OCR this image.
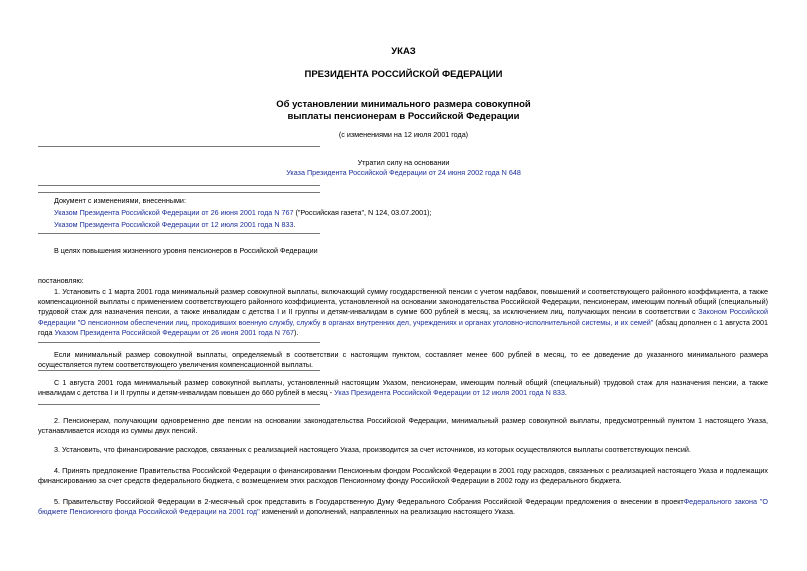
УКАЗ
ПРЕЗИДЕНТА РОССИЙСКОЙ ФЕДЕРАЦИИ
Об установлении минимального размера совокупной
выплаты пенсионерам в Российской Федерации
(с изменениями на 12 июля 2001 года)
Утратил силу на основании
Указа Президента Российской Федерации от 24 июня 2002 года N 648
Документ с изменениями, внесенными:
Указом Президента Российской Федерации от 26 июня 2001 года N 767 ("Российская газета", N 124, 03.07.2001);
Указом Президента Российской Федерации от 12 июля 2001 года N 833.
В целях повышения жизненного уровня пенсионеров в Российской Федерации
постановляю:
1. Установить с 1 марта 2001 года минимальный размер совокупной выплаты, включающий сумму государственной пенсии с учетом надбавок, повышений и соответствующего районного коэффициента, а также компенсационной выплаты с применением соответствующего районного коэффициента, установленной на основании законодательства Российской Федерации, пенсионерам, имеющим полный общий (специальный) трудовой стаж для назначения пенсии, а также инвалидам с детства I и II группы и детям-инвалидам в сумме 600 рублей в месяц, за исключением лиц, получающих пенсии в соответствии с Законом Российской Федерации "О пенсионном обеспечении лиц, проходивших военную службу, службу в органах внутренних дел, учреждениях и органах уголовно-исполнительной системы, и их семей" (абзац дополнен с 1 августа 2001 года Указом Президента Российской Федерации от 26 июня 2001 года N 767).
Если минимальный размер совокупной выплаты, определяемый в соответствии с настоящим пунктом, составляет менее 600 рублей в месяц, то ее доведение до указанного минимального размера осуществляется путем соответствующего увеличения компенсационной выплаты.
С 1 августа 2001 года минимальный размер совокупной выплаты, установленный настоящим Указом, пенсионерам, имеющим полный общий (специальный) трудовой стаж для назначения пенсии, а также инвалидам с детства I и II группы и детям-инвалидам повышен до 660 рублей в месяц - Указ Президента Российской Федерации от 12 июля 2001 года N 833.
2. Пенсионерам, получающим одновременно две пенсии на основании законодательства Российской Федерации, минимальный размер совокупной выплаты, предусмотренный пунктом 1 настоящего Указа, устанавливается исходя из суммы двух пенсий.
3. Установить, что финансирование расходов, связанных с реализацией настоящего Указа, производится за счет источников, из которых осуществляются выплаты соответствующих пенсий.
4. Принять предложение Правительства Российской Федерации о финансировании Пенсионным фондом Российской Федерации в 2001 году расходов, связанных с реализацией настоящего Указа и подлежащих финансированию за счет средств федерального бюджета, с возмещением этих расходов Пенсионному фонду Российской Федерации в 2002 году из федерального бюджета.
5. Правительству Российской Федерации в 2-месячный срок представить в Государственную Думу Федерального Собрания Российской Федерации предложения о внесении в проектФедерального закона "О бюджете Пенсионного фонда Российской Федерации на 2001 год" изменений и дополнений, направленных на реализацию настоящего Указа.
